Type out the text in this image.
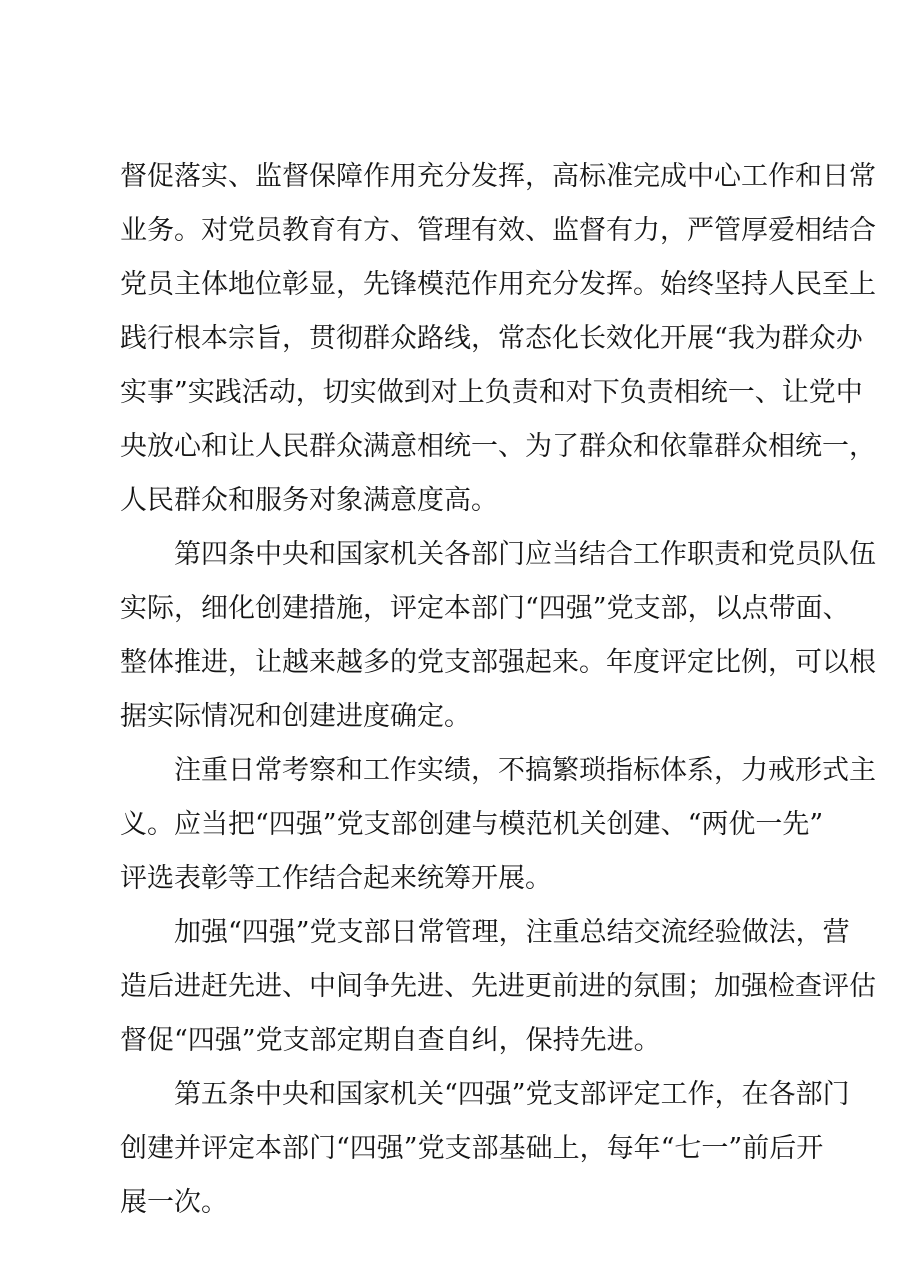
督促落实、监督保障作用充分发挥，高标准完成中心工作和日常
业务。对党员教育有方、管理有效、监督有力，严管厚爱相结合
党员主体地位彰显，先锋模范作用充分发挥。始终坚持人民至上
践行根本宗旨，贯彻群众路线，常态化长效化开展“我为群众办
实事”实践活动，切实做到对上负责和对下负责相统一、让党中
央放心和让人民群众满意相统一、为了群众和依靠群众相统一，
人民群众和服务对象满意度高。
第四条中央和国家机关各部门应当结合工作职责和党员队伍
实际，细化创建措施，评定本部门“四强”党支部，以点带面、
整体推进，让越来越多的党支部强起来。年度评定比例，可以根
据实际情况和创建进度确定。
注重日常考察和工作实绩，不搞繁琐指标体系，力戒形式主
义。应当把“四强”党支部创建与模范机关创建、“两优一先”
评选表彰等工作结合起来统筹开展。
加强“四强”党支部日常管理，注重总结交流经验做法，营
造后进赶先进、中间争先进、先进更前进的氛围；加强检查评估
督促“四强”党支部定期自查自纠，保持先进。
第五条中央和国家机关“四强”党支部评定工作，在各部门
创建并评定本部门“四强”党支部基础上，每年“七一”前后开
展一次。
